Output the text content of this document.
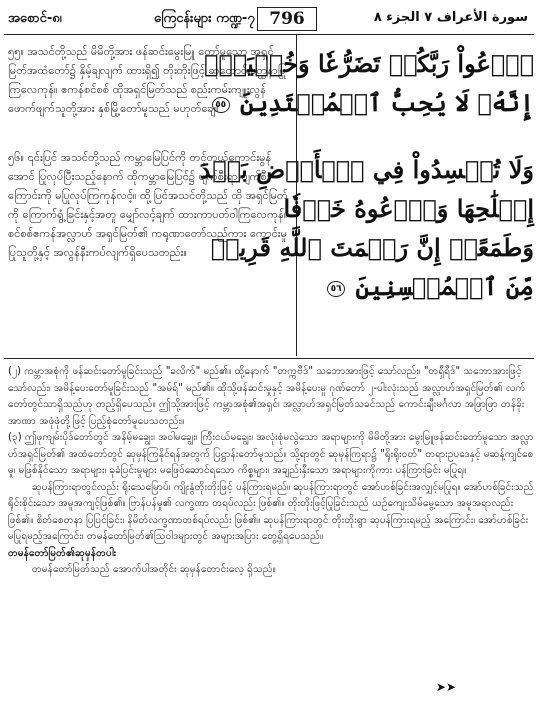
အစောင်-၈၊	ကြေငန်းများ ကဏ္ဍ-၇ 796	سورة الأعراف ٧ الجزء ٨

၅၅။ အသင်တို့သည် မိမိတို့အား ဖန်ဆင်းမွေးမြူ တော်မူသော အရှင်မြတ်အထံတော်၌ နှိမ့်ချလျက် ထားရှိ၍ တိုးတိုးဖြင့် ဆုတောင်းပတ္ထနာပြုကြလေကုန်။ ဧကန်စင်စစ် ထိုအရှင်မြတ်သည် စည်းကမ်းကျူးလွန် ဖောက်ဖျက်သူတို့အား နှစ်မြို့တော်မူသည် မဟုတ်ချေ။

ٱدۡعُواْ رَبَّكُمۡ تَضَرُّعٗا وَخُفۡيَةًۚ
إِنَّهُۥ لَا يُحِبُّ ٱلۡمُعۡتَدِينَ ٥٥

၅၆။ ၎င်းပြင် အသင်တို့သည် ကမ္ဘာမြေပြင်ကို တင့်တယ်ကောင်းမွန်အောင် ပြုလုပ်ပြီးသည့်နောက် ထိုကမ္ဘာမြေပြင်၌ ပျက်စီးရာ ပျက်စီးကြောင်းကို မပြုလုပ်ကြကုန်လင့်။ ထို့ပြင်အသင်တို့သည် ထို အရှင်မြတ်ကို ကြောက်ရွံ့ခြင်းနှင့်အတူ မျှော်လင့်ချက် ထားကာပတ်ဝါကြလေကုန်။ စင်စစ်ဧကန်အလ္လာဟ် အရှင်မြတ်၏ ကရုဏာတော်သည်ကား ကောင်းမှု ပြုသူတို့နှင့် အလွန်နီးကပ်လျက်ရှိပေသတည်း။

وَلَا تُفۡسِدُواْ فِي ٱلۡأَرۡضِ بَعۡدَ
إِصۡلَٰحِهَا وَٱدۡعُوهُ خَوۡفٗا
وَطَمَعًاۚ إِنَّ رَحۡمَتَ ٱللَّهِ قَرِيبٞ
مِّنَ ٱلۡمُحۡسِنِينَ ٥٦

(၂) ကမ္ဘာအစုံကို ဖန်ဆင်းတော်မူခြင်းသည် "ခလိက်" မည်၏။ ထို့နောက် "တက္ကဗီဒ်" သဘောအားဖြင့် သော်လည်း၊ "တရှီရီဒ်" သဘောအားဖြင့်သော်လည်း၊ အမိန့်ပေးတော်မူခြင်းသည် "အမ်ရ်" မည်၏။ ထိုသို့ဖန်ဆင်းမှုနှင့် အမိန့်ပေးမှု ဂုဏ်တော် ၂-ပါးလုံးသည် အလ္လာဟ်အရှင်မြတ်၏ လက်တော်တွင်သာရှိသည်ဟု တည့်ရှိပေသည်။ ဤသို့အားဖြင့် ကမ္ဘာအစုံ၏အရှင်၊ အလ္လာဟ်အရှင်မြတ်သခင်သည် ကောင်းချီးမင်္ဂလာ အဖြာဖြာ တန်ခိုးအာဏာ အဖုံဖုံတို့ဖြင့် ပြည့်စုံတော်မူပေသတည်း။

(၃) ဤဖုကျမ်းပိုဒ်တော်တွင် အနိမ့်မချွေး၊ အဝါမချွေး၊ ကြီးငယ်မချွေး၊ အလုံးစုံမလွဲသော အရာများကို မိမိတို့အား မွေးမြူဖန်ဆင်းတော်မူသော အလ္လာဟ်အရှင်မြတ်၏ အထံတော်တွင် ဆုမှန်ကြနိုင်ရန်အတွက် ပြဋ္ဌာန်းတော်မူသည်။ သို့ရာတွင် ဆုမှန်ကြရာ၌ "ရိုးရိုးဝတ်" တရားဥပဒေနှင့် မဆန့်ကျင်စေမူ၊ မဖြစ်နိုင်သော အရာများ၊ ခုခံပြင်းမှုများ မဖြေဝ်ဆောင်ရသော ကိစ္စများ၊ အချည်းနှီးသော အရာများကိုကား ပန်ကြားခြင်း မပြုရ။

ဆုပန်ကြားရာတွင်လည်း ရိုးသေမြောပ်၊ ကျိုးနွံတိုးတိုးဖြင့် ပန်ကြားရမည်။ ဆုပန်ကြားရာတွင် အော်ဟစ်ခြင်းအလျှင့်မပြုရ။ အော်ဟစ်ခြင်းသည် ရိုင်းစိုင်းသော အမူအကျင့်ဖြစ်၏။ ဗြာန်ပန်မှု၏ လက္ခဏာ တရပ်လည်း ဖြစ်၏။ တိုးတိုးဖြင့်ပြုခြင်းသည် ယဉ်ကျေးသိမ်မွေ့သော အမူအရာလည်း ဖြစ်၏။ စိတ်စေတနာ ပြပြင်ခြင်း၊ နိမိတ်လက္ခဏာတစ်ရပ်လည်း ဖြစ်၏။ ဆုပန်ကြားရာတွင် တိုးတိုးရွာ ဆုပန်ကြားရမည့် အကြောင်း၊ အော်ဟစ်ခြင်း မပြုရမည့်အကြောင်း၊ တမန်တော်မြတ်၏ဩဝါဒများတွင် အများအပြား တွေ့ရှိရပေသည်။

တမန်တော်မြတ်၏ဆုမှန်တပါး

တမန်တော်မြတ်သည် အောက်ပါအတိုင်း ဆုမှန်တောင်းလေ့ ရှိသည်။

➤➤
